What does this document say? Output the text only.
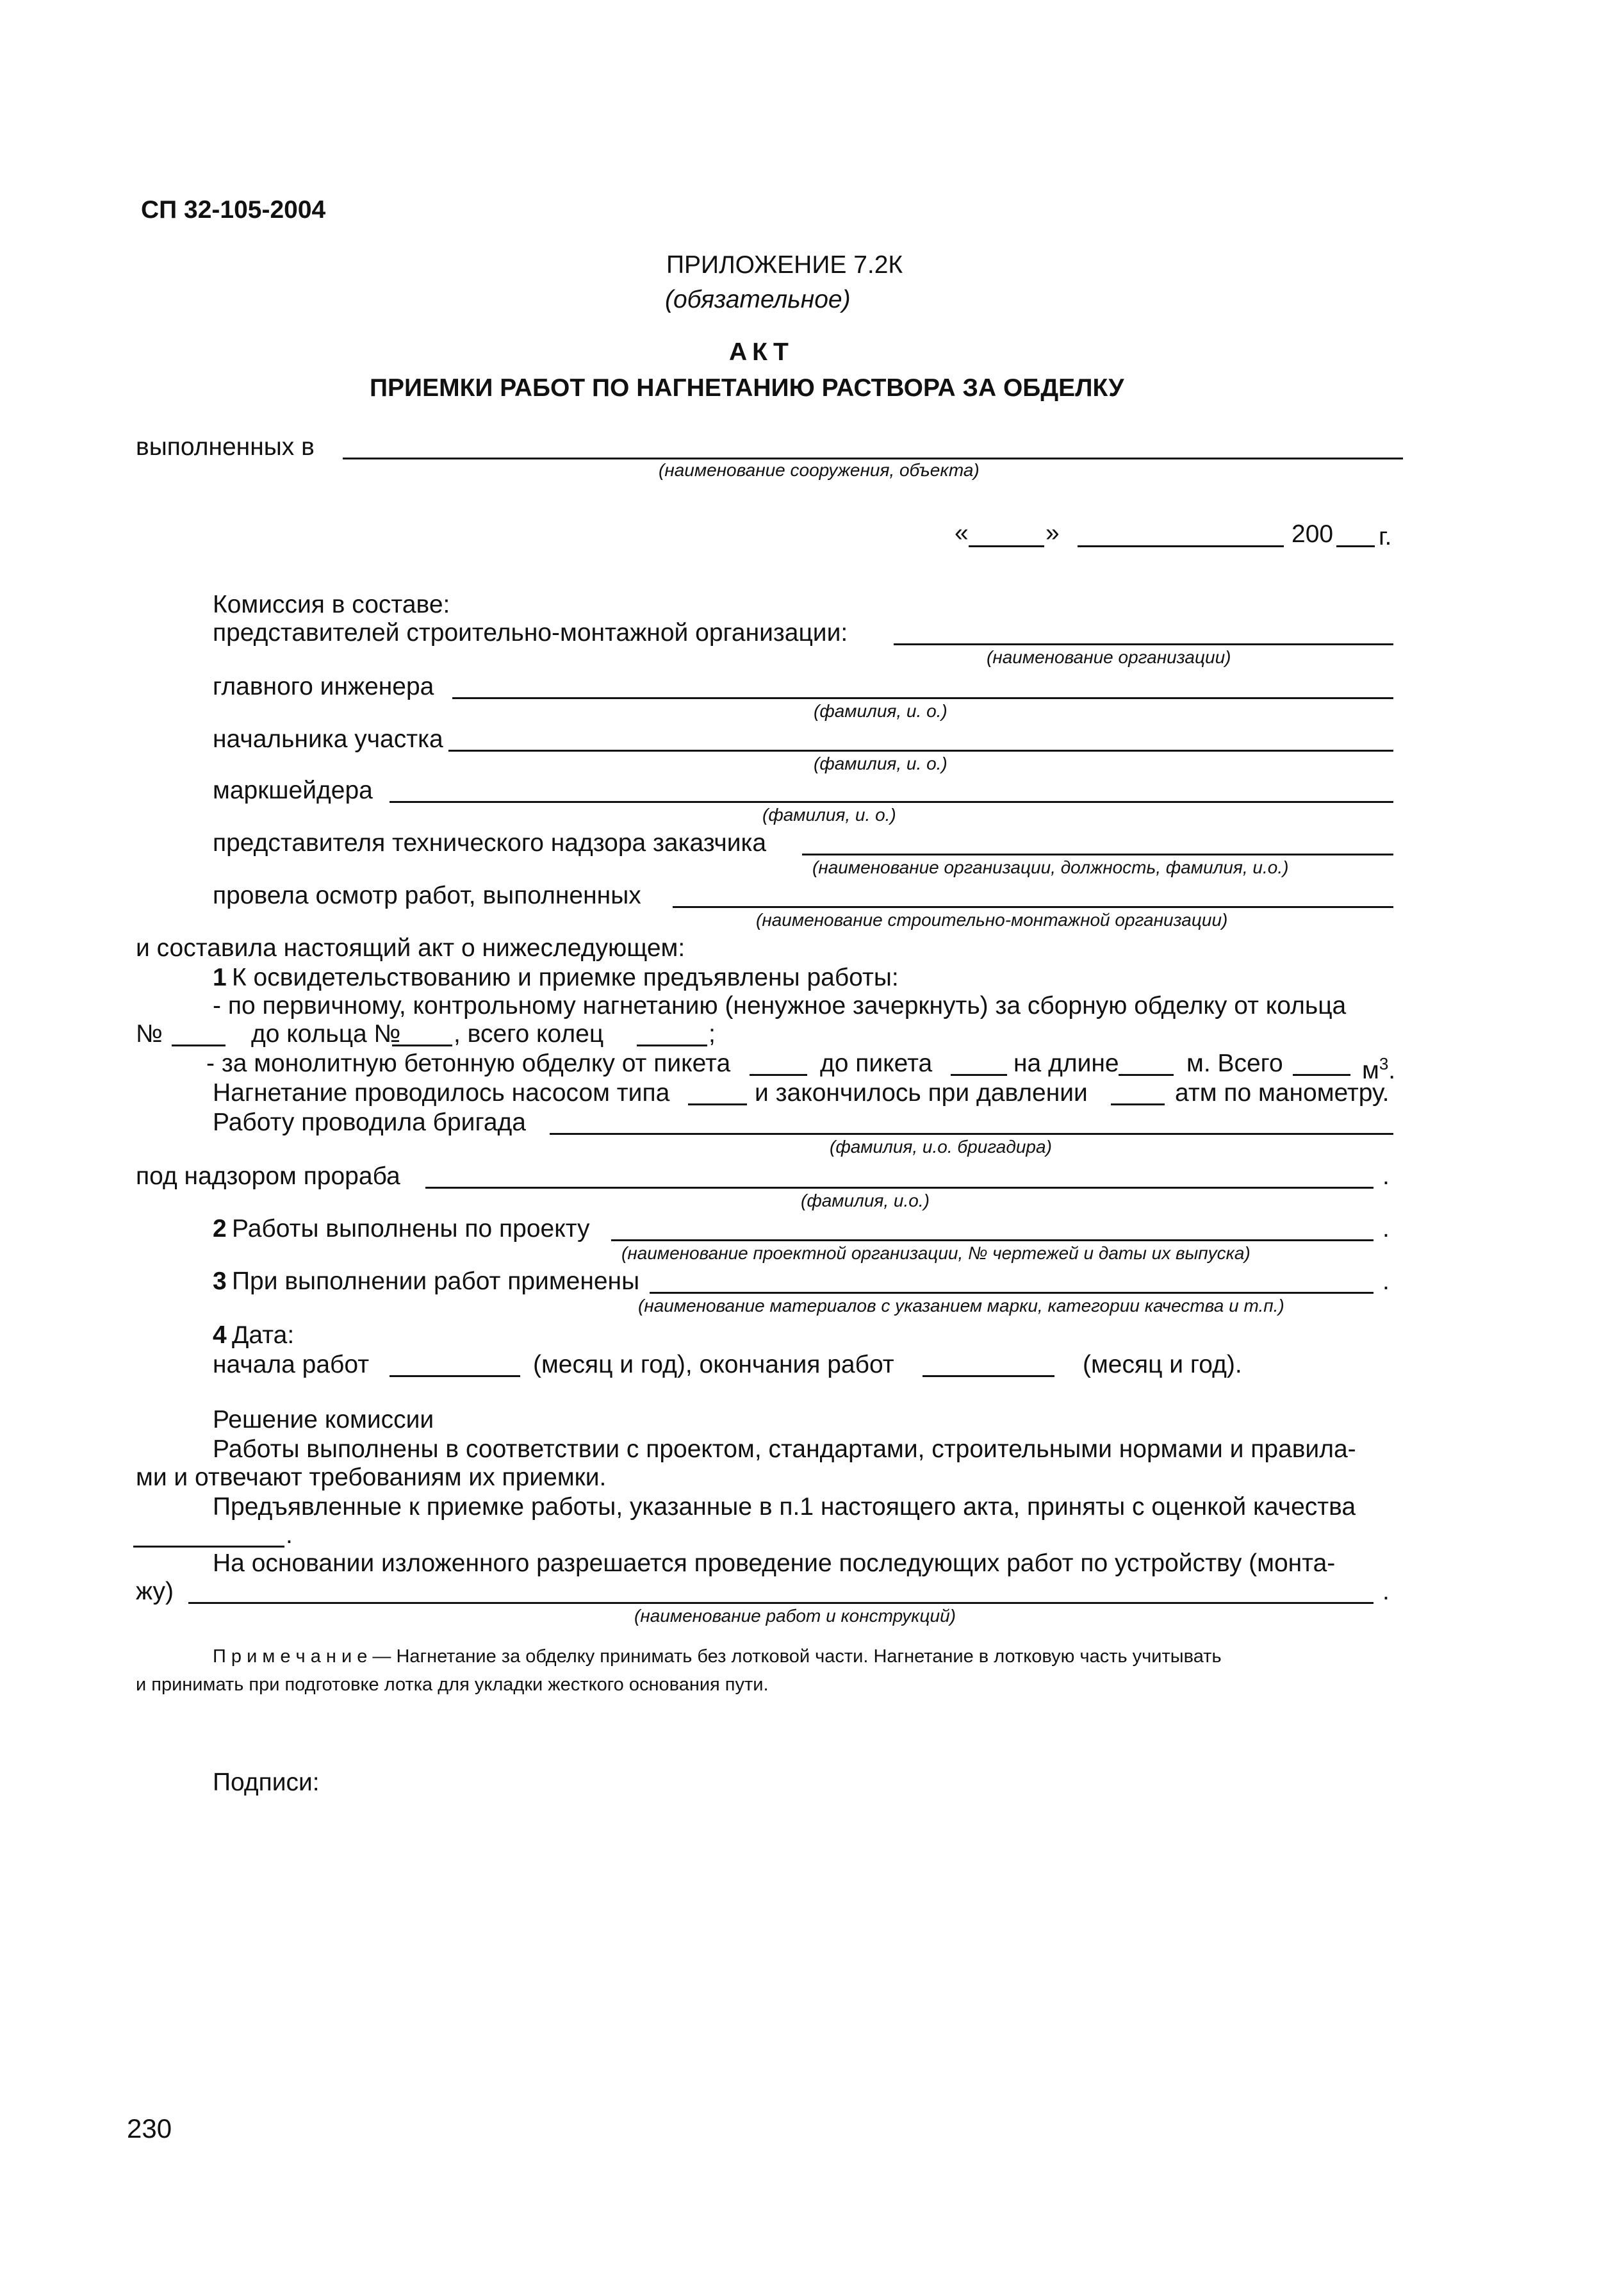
СП 32-105-2004
ПРИЛОЖЕНИЕ 7.2К
(обязательное)
АКТ
ПРИЕМКИ РАБОТ ПО НАГНЕТАНИЮ РАСТВОРА ЗА ОБДЕЛКУ
выполненных в
(наименование сооружения, объекта)
«	»	200 г.
Комиссия в составе:
представителей строительно-монтажной организации:
(наименование организации)
главного инженера
(фамилия, и. о.)
начальника участка
(фамилия, и. о.)
маркшейдера
(фамилия, и. о.)
представителя технического надзора заказчика
(наименование организации, должность, фамилия, и.о.)
провела осмотр работ, выполненных
(наименование строительно-монтажной организации)
и составила настоящий акт о нижеследующем:
1 К освидетельствованию и приемке предъявлены работы:
- по первичному, контрольному нагнетанию (ненужное зачеркнуть) за сборную обделку от кольца
№	до кольца № , всего колец	;
- за монолитную бетонную обделку от пикета	до пикета	на длине	м. Всего	$м^3$.
Нагнетание проводилось насосом типа	и закончилось при давлении	атм по манометру.
Работу проводила бригада
(фамилия, и.о. бригадира)
под надзором прораба	.
(фамилия, и.о.)
2 Работы выполнены по проекту	.
(наименование проектной организации, № чертежей и даты их выпуска)
3 При выполнении работ применены	.
(наименование материалов с указанием марки, категории качества и т.п.)
4 Дата:
начала работ	(месяц и год), окончания работ	(месяц и год).
Решение комиссии
Работы выполнены в соответствии с проектом, стандартами, строительными нормами и правила-
ми и отвечают требованиям их приемки.
Предъявленные к приемке работы, указанные в п.1 настоящего акта, приняты с оценкой качества
.
На основании изложенного разрешается проведение последующих работ по устройству (монта-
жу)	.
(наименование работ и конструкций)
П р и м е ч а н и е — Нагнетание за обделку принимать без лотковой части. Нагнетание в лотковую часть учитывать
и принимать при подготовке лотка для укладки жесткого основания пути.
Подписи:
230
